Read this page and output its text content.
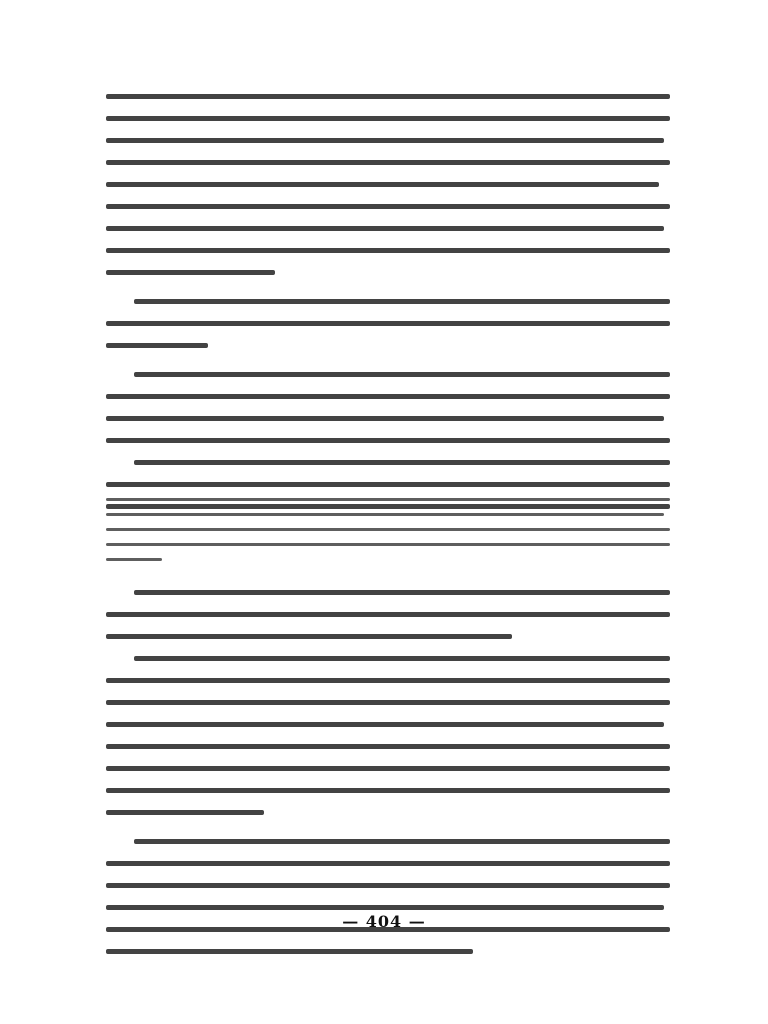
— 404 —
